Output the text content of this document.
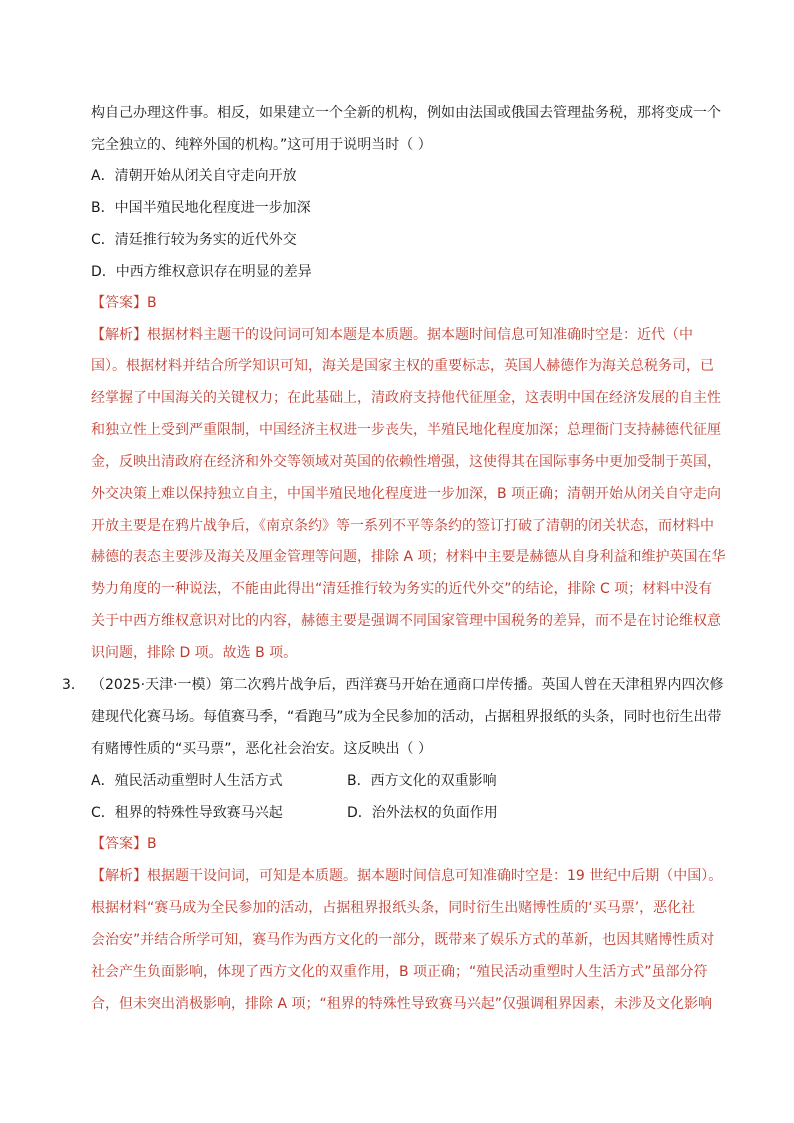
构自己办理这件事。相反，如果建立一个全新的机构，例如由法国或俄国去管理盐务税，那将变成一个
完全独立的、纯粹外国的机构。”这可用于说明当时（ ）
A．清朝开始从闭关自守走向开放
B．中国半殖民地化程度进一步加深
C．清廷推行较为务实的近代外交
D．中西方维权意识存在明显的差异
【答案】B
【解析】根据材料主题干的设问词可知本题是本质题。据本题时间信息可知准确时空是：近代（中
国）。根据材料并结合所学知识可知，海关是国家主权的重要标志，英国人赫德作为海关总税务司，已
经掌握了中国海关的关键权力；在此基础上，清政府支持他代征厘金，这表明中国在经济发展的自主性
和独立性上受到严重限制，中国经济主权进一步丧失，半殖民地化程度加深；总理衙门支持赫德代征厘
金，反映出清政府在经济和外交等领域对英国的依赖性增强，这使得其在国际事务中更加受制于英国，
外交决策上难以保持独立自主，中国半殖民地化程度进一步加深，B 项正确；清朝开始从闭关自守走向
开放主要是在鸦片战争后，《南京条约》等一系列不平等条约的签订打破了清朝的闭关状态，而材料中
赫德的表态主要涉及海关及厘金管理等问题，排除 A 项；材料中主要是赫德从自身利益和维护英国在华
势力角度的一种说法，不能由此得出“清廷推行较为务实的近代外交”的结论，排除 C 项；材料中没有
关于中西方维权意识对比的内容，赫德主要是强调不同国家管理中国税务的差异，而不是在讨论维权意
识问题，排除 D 项。故选 B 项。
3． （2025·天津·一模）第二次鸦片战争后，西洋赛马开始在通商口岸传播。英国人曾在天津租界内四次修
建现代化赛马场。每值赛马季，“看跑马”成为全民参加的活动，占据租界报纸的头条，同时也衍生出带
有赌博性质的“买马票”，恶化社会治安。这反映出（ ）
A．殖民活动重塑时人生活方式	B．西方文化的双重影响
C．租界的特殊性导致赛马兴起	D．治外法权的负面作用
【答案】B
【解析】根据题干设问词，可知是本质题。据本题时间信息可知准确时空是：19 世纪中后期（中国）。
根据材料“赛马成为全民参加的活动，占据租界报纸头条，同时衍生出赌博性质的‘买马票’，恶化社
会治安”并结合所学可知，赛马作为西方文化的一部分，既带来了娱乐方式的革新，也因其赌博性质对
社会产生负面影响，体现了西方文化的双重作用，B 项正确；“殖民活动重塑时人生活方式”虽部分符
合，但未突出消极影响，排除 A 项；“租界的特殊性导致赛马兴起”仅强调租界因素，未涉及文化影响
